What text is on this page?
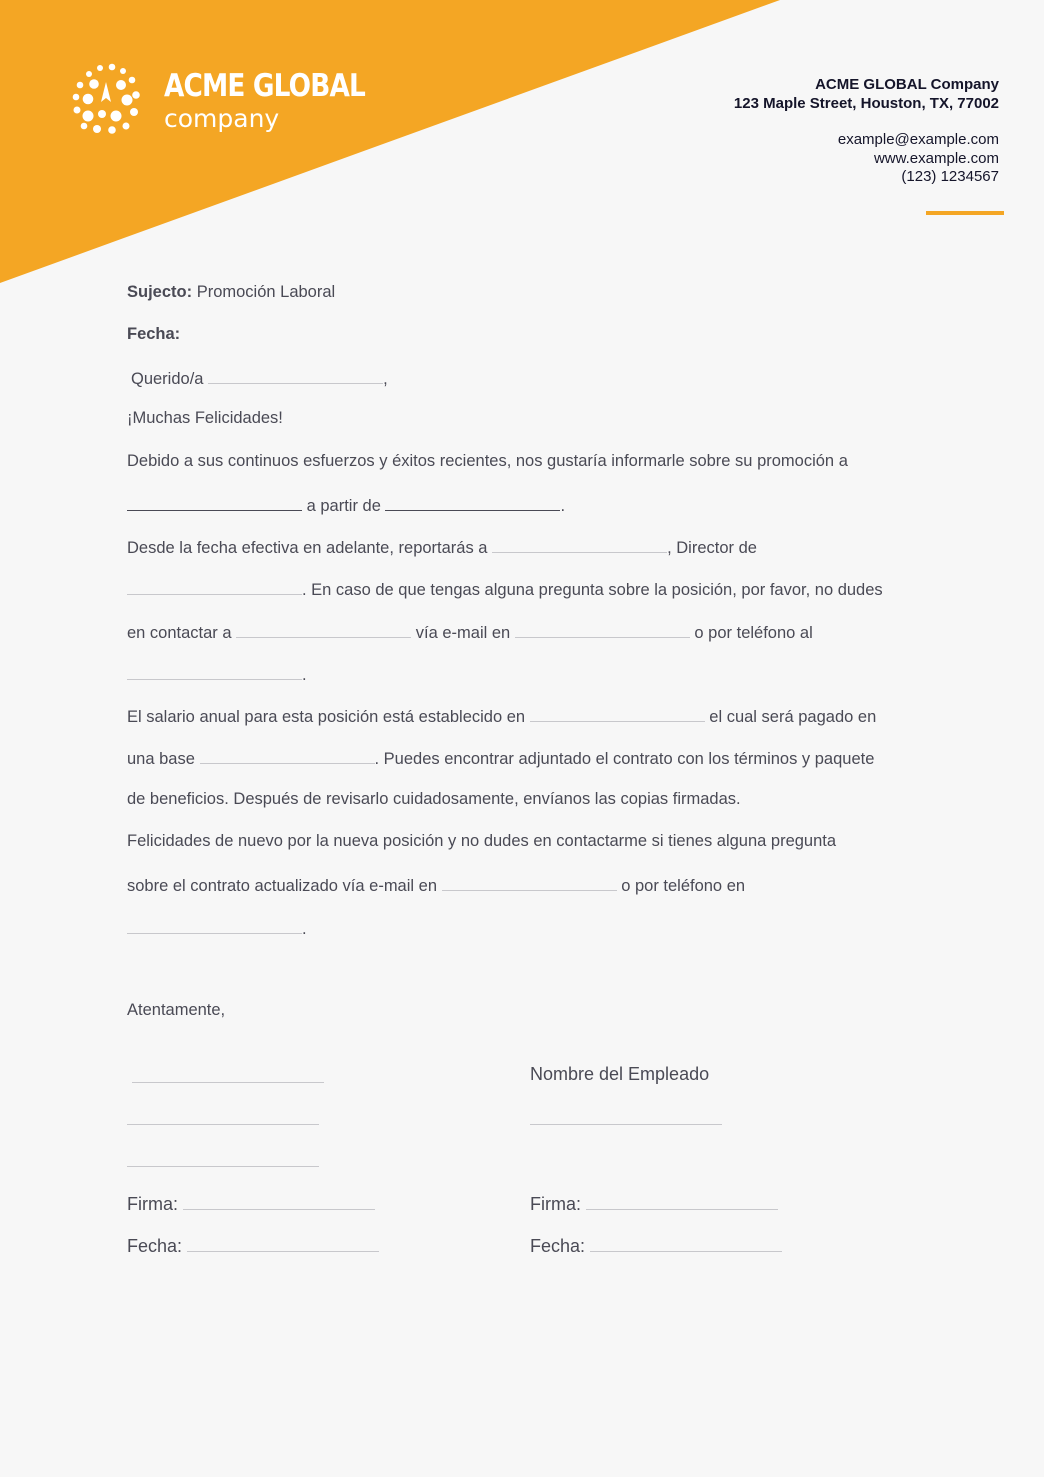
ACME GLOBAL
company
ACME GLOBAL Company
123 Maple Street, Houston, TX, 77002
example@example.com
www.example.com
(123) 1234567
Sujecto: Promoción Laboral
Fecha:
Querido/a	,
¡Muchas Felicidades!
Debido a sus continuos esfuerzos y éxitos recientes, nos gustaría informarle sobre su promoción a
a partir de	.
Desde la fecha efectiva en adelante, reportarás a	, Director de
. En caso de que tengas alguna pregunta sobre la posición, por favor, no dudes
en contactar a	vía e-mail en	o por teléfono al
.
El salario anual para esta posición está establecido en	el cual será pagado en
una base	. Puedes encontrar adjuntado el contrato con los términos y paquete
de beneficios. Después de revisarlo cuidadosamente, envíanos las copias firmadas.
Felicidades de nuevo por la nueva posición y no dudes en contactarme si tienes alguna pregunta
sobre el contrato actualizado vía e-mail en	o por teléfono en
.
Atentamente,
Firma:
Fecha:
Nombre del Empleado
Firma:
Fecha:
